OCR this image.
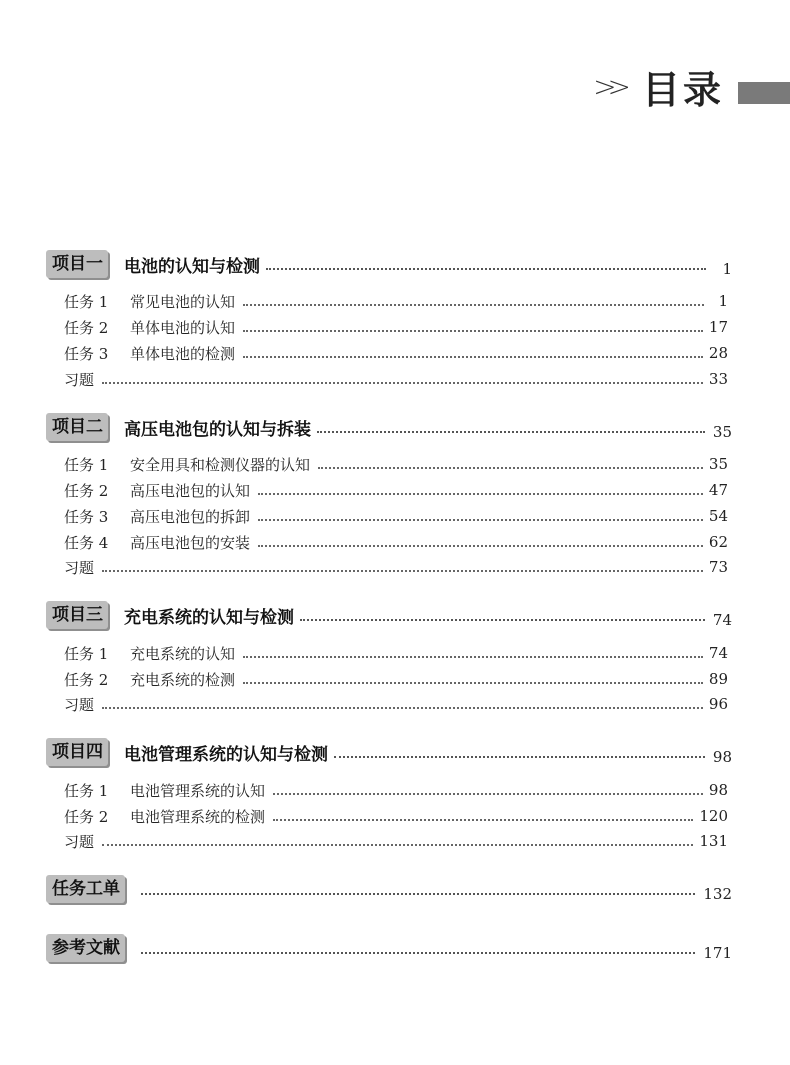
>> 目录
项目一 电池的认知与检测	1
任务 1	常见电池的认知	1
任务 2	单体电池的认知	17
任务 3	单体电池的检测	28
习题	33
项目二 高压电池包的认知与拆装	35
任务 1	安全用具和检测仪器的认知	35
任务 2	高压电池包的认知	47
任务 3	高压电池包的拆卸	54
任务 4	高压电池包的安装	62
习题	73
项目三 充电系统的认知与检测	74
任务 1	充电系统的认知	74
任务 2	充电系统的检测	89
习题	96
项目四 电池管理系统的认知与检测	98
任务 1	电池管理系统的认知	98
任务 2	电池管理系统的检测	120
习题	131
任务工单	132
参考文献	171
